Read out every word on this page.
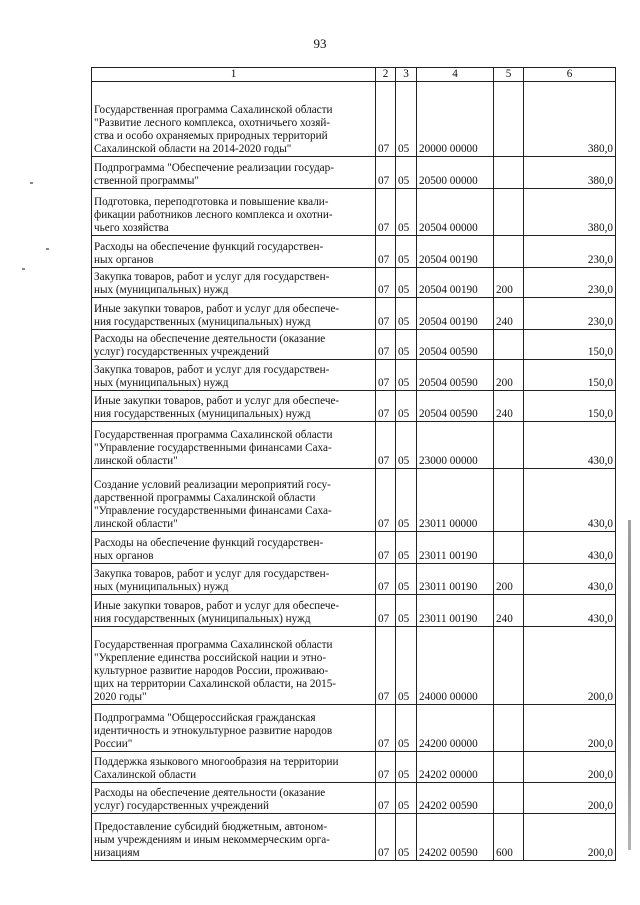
93
1	2	3	4	5	6
Государственная программа Сахалинской области
"Развитие лесного комплекса, охотничьего хозяй-
ства и особо охраняемых природных территорий
Сахалинской области на 2014-2020 годы"	07	05	20000 00000		380,0
Подпрограмма "Обеспечение реализации государ-
ственной программы"	07	05	20500 00000		380,0
Подготовка, переподготовка и повышение квали-
фикации работников лесного комплекса и охотни-
чьего хозяйства	07	05	20504 00000		380,0
Расходы на обеспечение функций государствен-
ных органов	07	05	20504 00190		230,0
Закупка товаров, работ и услуг для государствен-
ных (муниципальных) нужд	07	05	20504 00190	200	230,0
Иные закупки товаров, работ и услуг для обеспече-
ния государственных (муниципальных) нужд	07	05	20504 00190	240	230,0
Расходы на обеспечение деятельности (оказание
услуг) государственных учреждений	07	05	20504 00590		150,0
Закупка товаров, работ и услуг для государствен-
ных (муниципальных) нужд	07	05	20504 00590	200	150,0
Иные закупки товаров, работ и услуг для обеспече-
ния государственных (муниципальных) нужд	07	05	20504 00590	240	150,0
Государственная программа Сахалинской области
"Управление государственными финансами Саха-
линской области"	07	05	23000 00000		430,0
Создание условий реализации мероприятий госу-
дарственной программы Сахалинской области
"Управление государственными финансами Саха-
линской области"	07	05	23011 00000		430,0
Расходы на обеспечение функций государствен-
ных органов	07	05	23011 00190		430,0
Закупка товаров, работ и услуг для государствен-
ных (муниципальных) нужд	07	05	23011 00190	200	430,0
Иные закупки товаров, работ и услуг для обеспече-
ния государственных (муниципальных) нужд	07	05	23011 00190	240	430,0
Государственная программа Сахалинской области
"Укрепление единства российской нации и этно-
культурное развитие народов России, проживаю-
щих на территории Сахалинской области, на 2015-
2020 годы"	07	05	24000 00000		200,0
Подпрограмма "Общероссийская гражданская
идентичность и этнокультурное развитие народов
России"	07	05	24200 00000		200,0
Поддержка языкового многообразия на территории
Сахалинской области	07	05	24202 00000		200,0
Расходы на обеспечение деятельности (оказание
услуг) государственных учреждений	07	05	24202 00590		200,0
Предоставление субсидий бюджетным, автоном-
ным учреждениям и иным некоммерческим орга-
низациям	07	05	24202 00590	600	200,0
